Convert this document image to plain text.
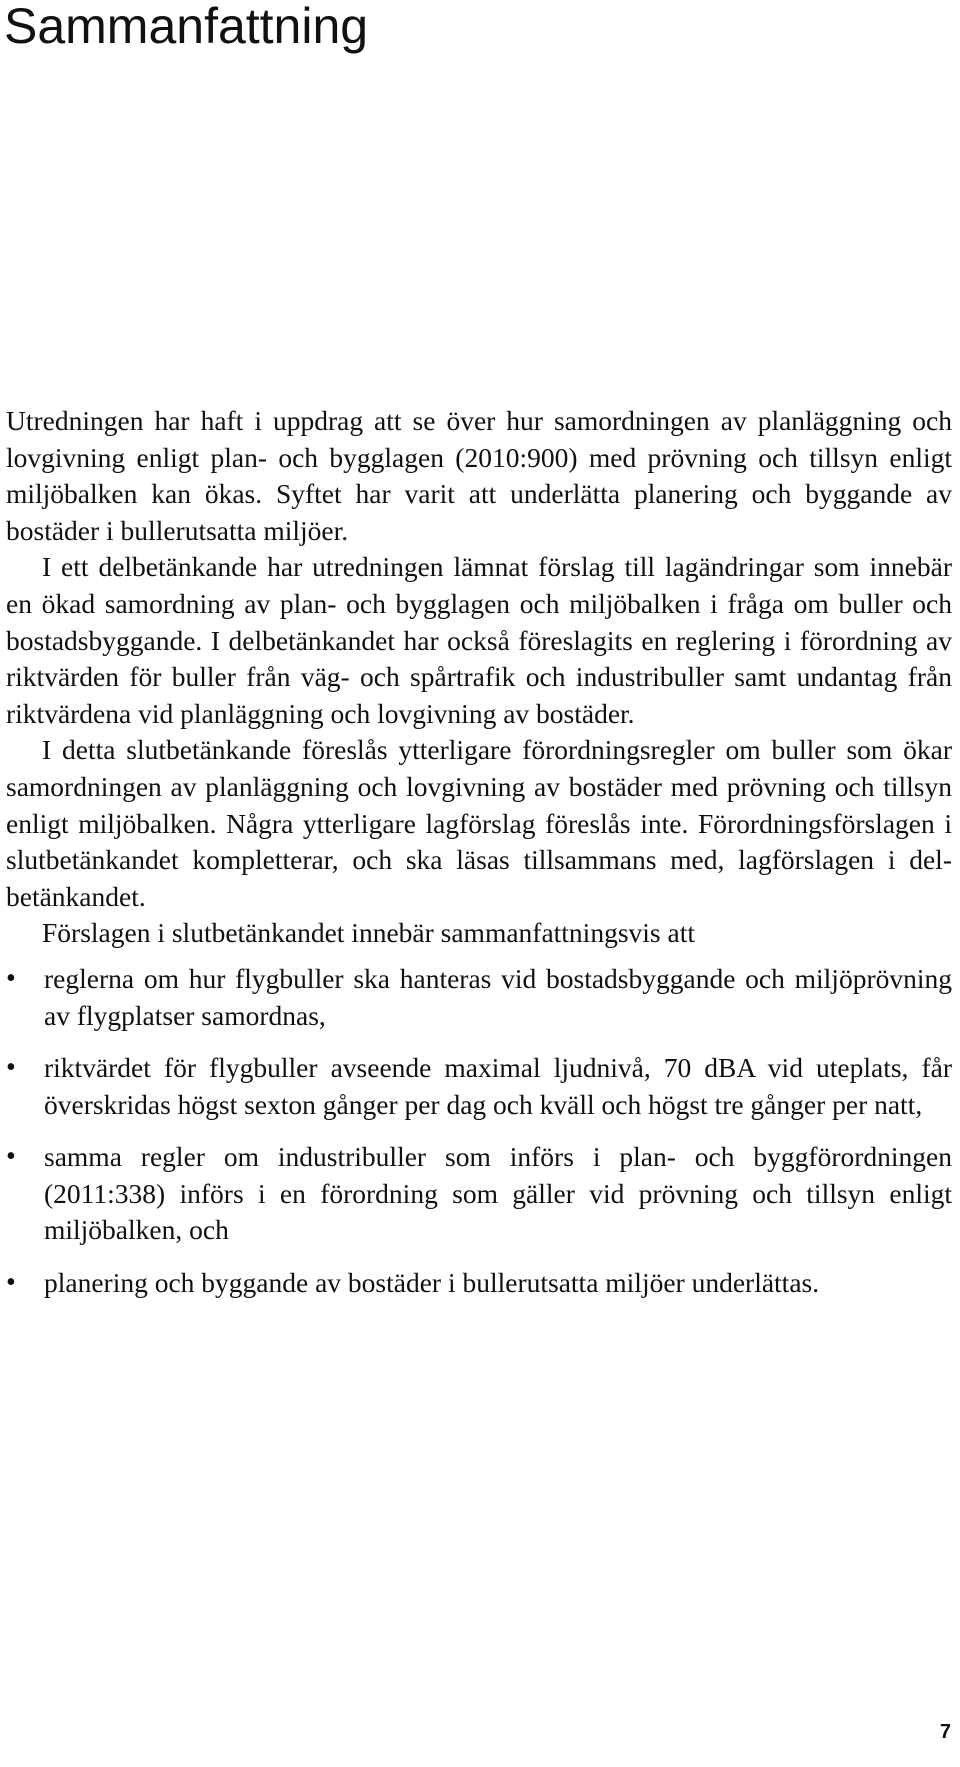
Sammanfattning

Utredningen har haft i uppdrag att se över hur samordningen av planläggning och lovgivning enligt plan- och bygglagen (2010:900) med prövning och tillsyn enligt miljöbalken kan ökas. Syftet har varit att underlätta planering och byggande av bostäder i bullerutsatta miljöer.

I ett delbetänkande har utredningen lämnat förslag till lagändringar som innebär en ökad samordning av plan- och bygglagen och miljöbalken i fråga om buller och bostadsbyggande. I delbetänkandet har också föreslagits en reglering i förordning av riktvärden för buller från väg- och spårtrafik och industribuller samt undantag från riktvärdena vid planläggning och lovgivning av bostäder.

I detta slutbetänkande föreslås ytterligare förordningsregler om buller som ökar samordningen av planläggning och lovgivning av bostäder med prövning och tillsyn enligt miljöbalken. Några ytterligare lagförslag föreslås inte. Förordningsförslagen i slutbetänkandet kompletterar, och ska läsas tillsammans med, lagförslagen i delbetänkandet.

Förslagen i slutbetänkandet innebär sammanfattningsvis att

•	reglerna om hur flygbuller ska hanteras vid bostadsbyggande och miljöprövning av flygplatser samordnas,
•	riktvärdet för flygbuller avseende maximal ljudnivå, 70 dBA vid uteplats, får överskridas högst sexton gånger per dag och kväll och högst tre gånger per natt,
•	samma regler om industribuller som införs i plan- och byggförordningen (2011:338) införs i en förordning som gäller vid prövning och tillsyn enligt miljöbalken, och
•	planering och byggande av bostäder i bullerutsatta miljöer underlättas.
7
